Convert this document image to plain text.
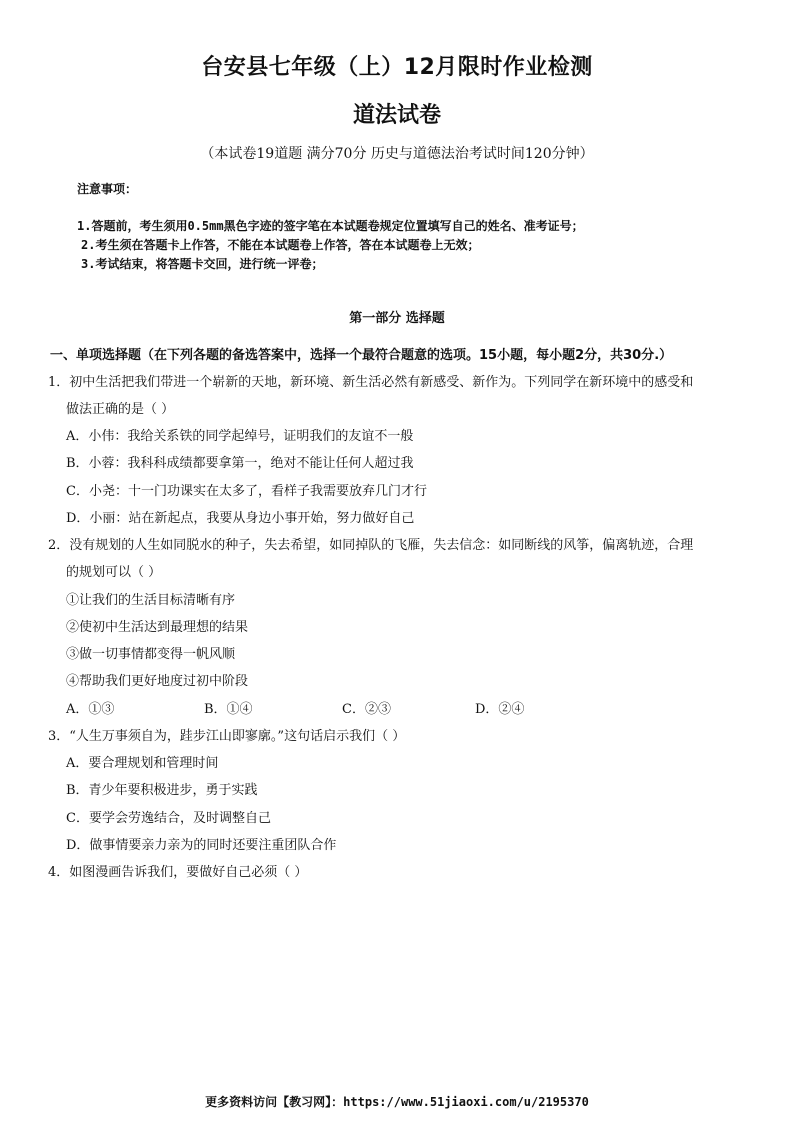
台安县七年级（上）12月限时作业检测
道法试卷
（本试卷19道题 满分70分 历史与道德法治考试时间120分钟）
注意事项：
1.答题前，考生须用0.5mm黑色字迹的签字笔在本试题卷规定位置填写自己的姓名、准考证号；
2.考生须在答题卡上作答，不能在本试题卷上作答，答在本试题卷上无效；
3.考试结束，将答题卡交回，进行统一评卷；
第一部分 选择题
一、单项选择题（在下列各题的备选答案中，选择一个最符合题意的选项。15小题，每小题2分，共30分.）
1．初中生活把我们带进一个崭新的天地，新环境、新生活必然有新感受、新作为。下列同学在新环境中的感受和
做法正确的是（ ）
A．小伟：我给关系铁的同学起绰号，证明我们的友谊不一般
B．小蓉：我科科成绩都要拿第一，绝对不能让任何人超过我
C．小尧：十一门功课实在太多了，看样子我需要放弃几门才行
D．小丽：站在新起点，我要从身边小事开始，努力做好自己
2．没有规划的人生如同脱水的种子，失去希望，如同掉队的飞雁，失去信念：如同断线的风筝，偏离轨迹，合理
的规划可以（ ）
①让我们的生活目标清晰有序
②使初中生活达到最理想的结果
③做一切事情都变得一帆风顺
④帮助我们更好地度过初中阶段
A．①③	B．①④	C．②③	D．②④
3．“人生万事须自为，跬步江山即寥廓。”这句话启示我们（ ）
A．要合理规划和管理时间
B．青少年要积极进步，勇于实践
C．要学会劳逸结合，及时调整自己
D．做事情要亲力亲为的同时还要注重团队合作
4．如图漫画告诉我们，要做好自己必须（ ）
更多资料访问【教习网】：https://www.51jiaoxi.com/u/2195370
